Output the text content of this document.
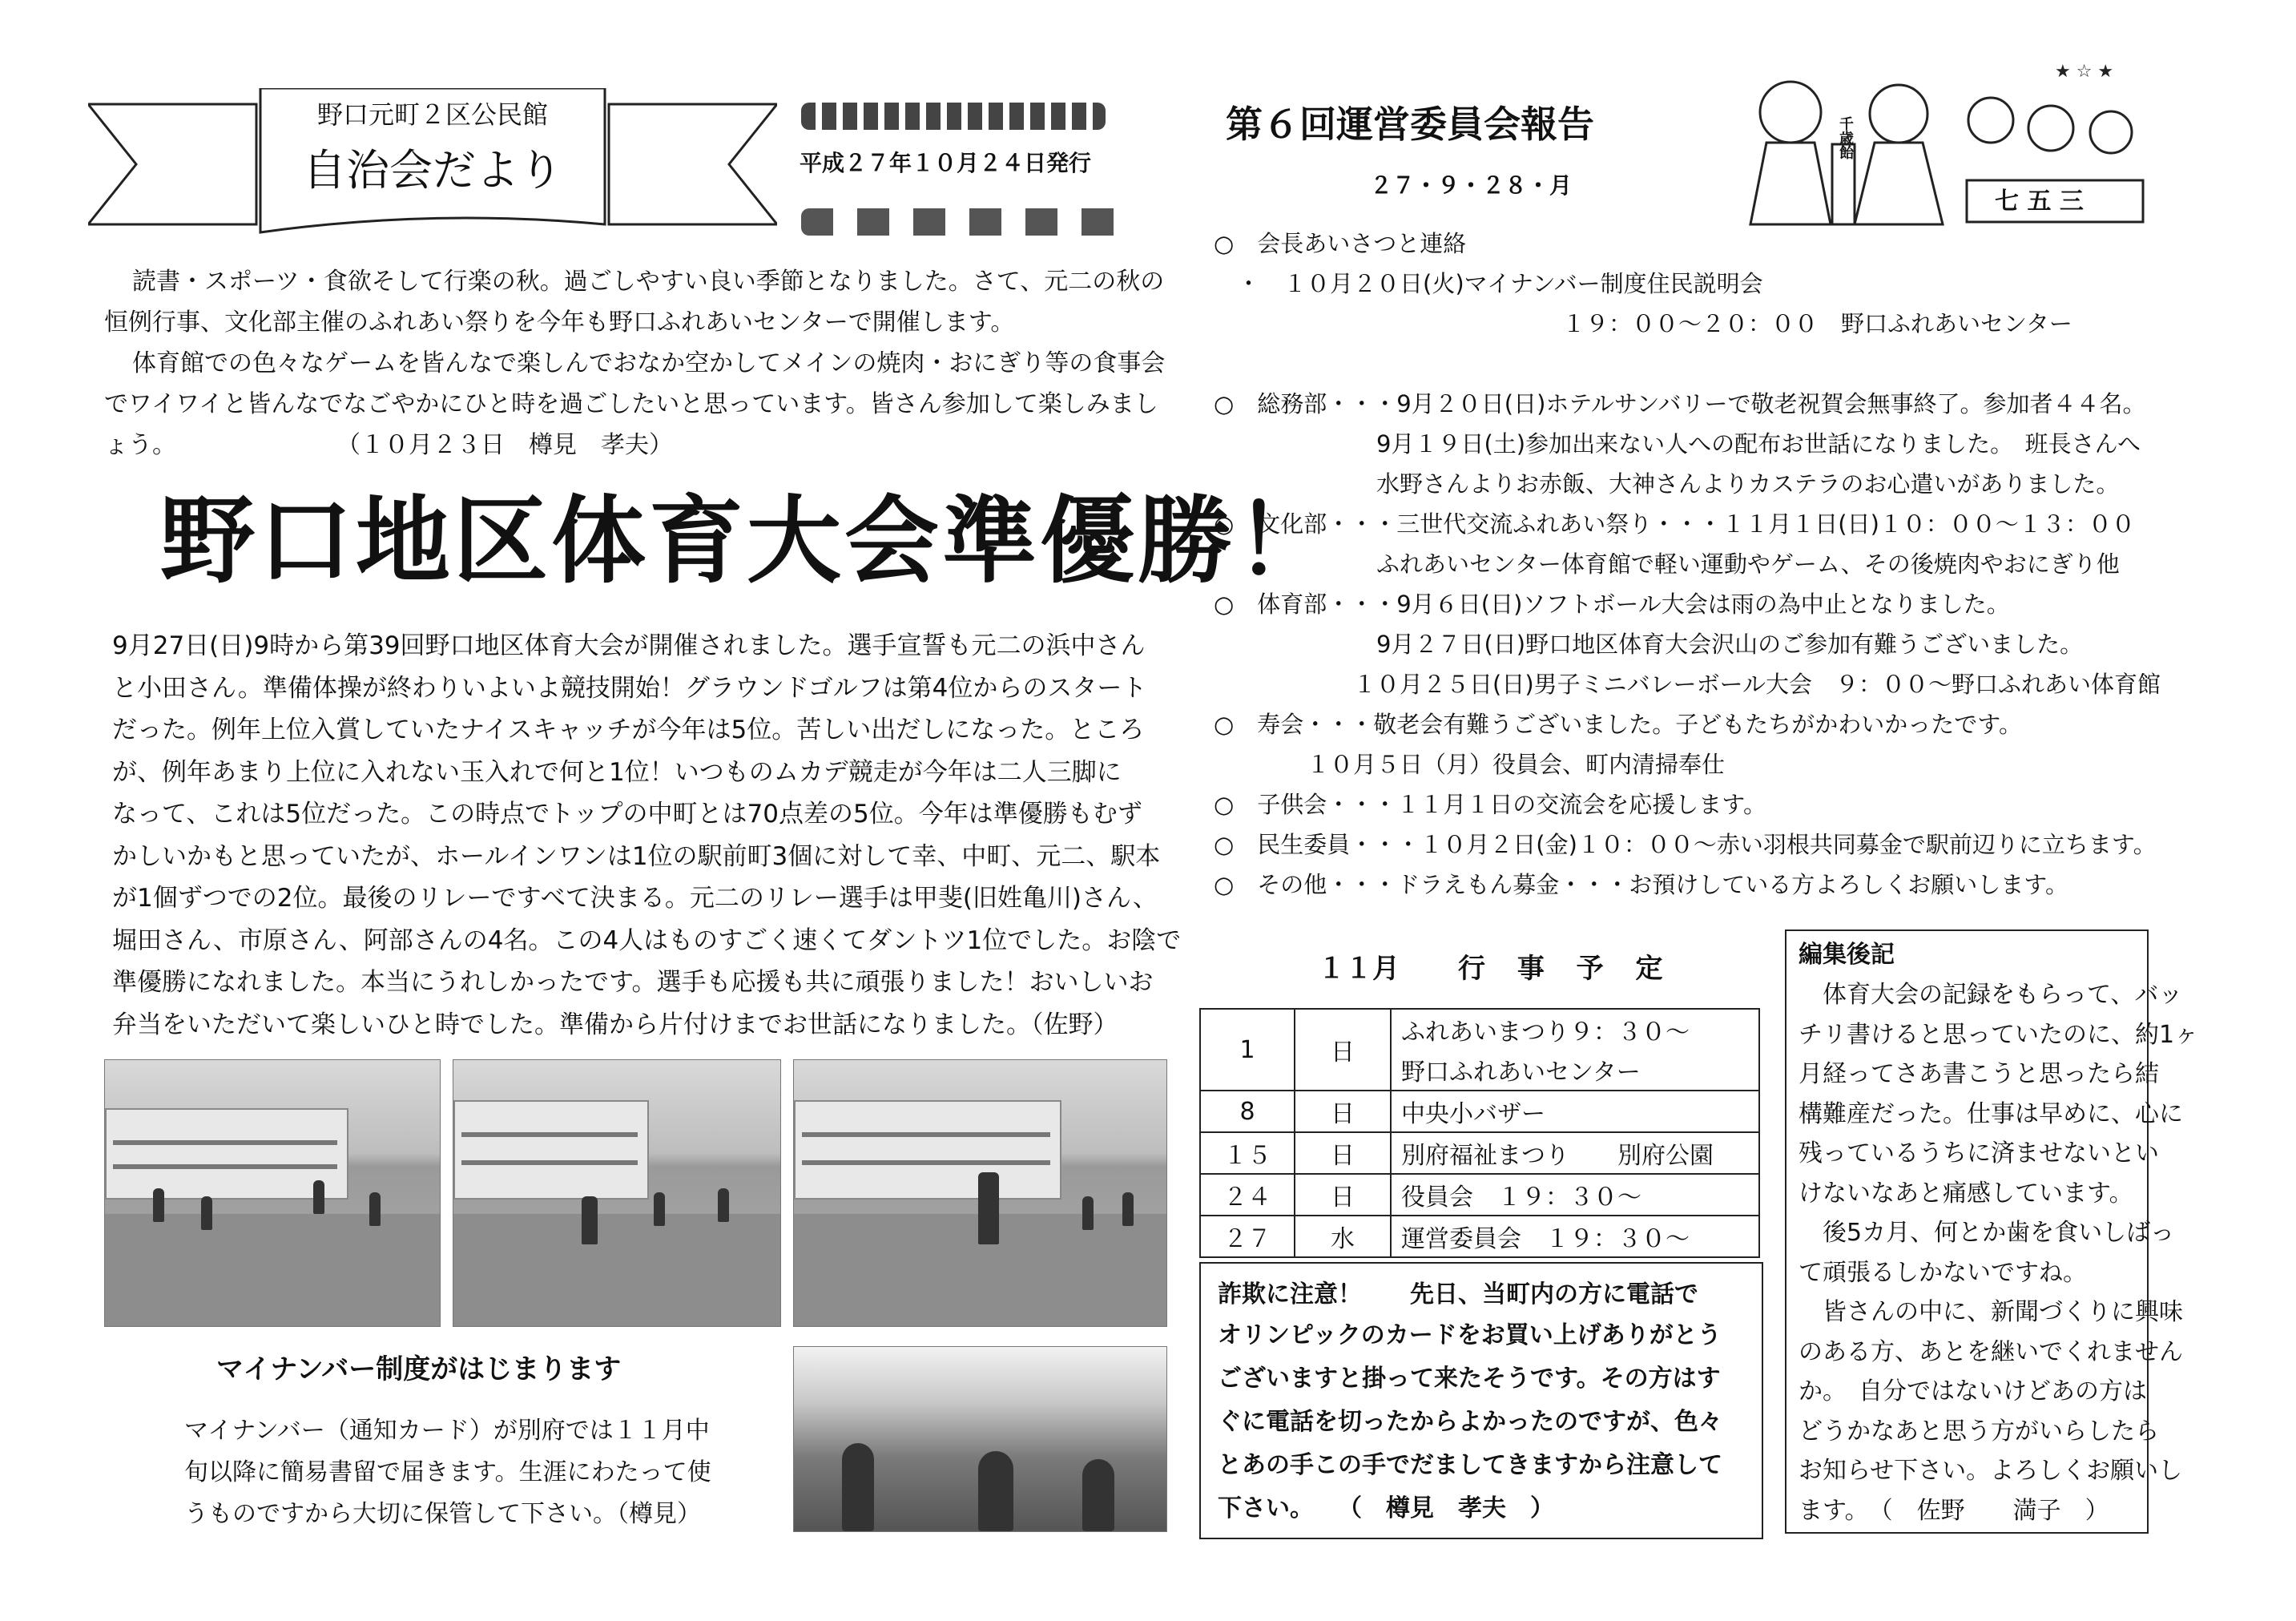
野口元町２区公民館
自治会だより	平成２７年１０月２４日発行
読書・スポーツ・食欲そして行楽の秋。過ごしやすい良い季節となりました。さて、元二の秋の
恒例行事、文化部主催のふれあい祭りを今年も野口ふれあいセンターで開催します。
体育館での色々なゲームを皆んなで楽しんでおなか空かしてメインの焼肉・おにぎり等の食事会
でワイワイと皆んなでなごやかにひと時を過ごしたいと思っています。皆さん参加して楽しみまし
ょう。	（１０月２３日　樽見　孝夫）
野口地区体育大会準優勝！
9月27日(日)9時から第39回野口地区体育大会が開催されました。選手宣誓も元二の浜中さん
と小田さん。準備体操が終わりいよいよ競技開始！グラウンドゴルフは第4位からのスタート
だった。例年上位入賞していたナイスキャッチが今年は5位。苦しい出だしになった。ところ
が、例年あまり上位に入れない玉入れで何と1位！いつものムカデ競走が今年は二人三脚に
なって、これは5位だった。この時点でトップの中町とは70点差の5位。今年は準優勝もむず
かしいかもと思っていたが、ホールインワンは1位の駅前町3個に対して幸、中町、元二、駅本
が1個ずつでの2位。最後のリレーですべて決まる。元二のリレー選手は甲斐(旧姓亀川)さん、
堀田さん、市原さん、阿部さんの4名。この4人はものすごく速くてダントツ1位でした。お陰で
準優勝になれました。本当にうれしかったです。選手も応援も共に頑張りました！おいしいお
弁当をいただいて楽しいひと時でした。準備から片付けまでお世話になりました。（佐野）
マイナンバー制度がはじまります
マイナンバー（通知カード）が別府では１１月中
旬以降に簡易書留で届きます。生涯にわたって使
うものですから大切に保管して下さい。（樽見）
第６回運営委員会報告
２７・９・２８・月
★ ☆ ★
千歳飴
七 五 三
○　会長あいさつと連絡
　・　１０月２０日(火)マイナンバー制度住民説明会
　　　　　　　　　　　　　　　１９：００～２０：００　野口ふれあいセンター
○　総務部・・・9月２０日(日)ホテルサンバリーで敬老祝賀会無事終了。参加者４４名。
　　　　　　　9月１９日(土)参加出来ない人への配布お世話になりました。　班長さんへ
　　　　　　　水野さんよりお赤飯、大神さんよりカステラのお心遣いがありました。
○　文化部・・・三世代交流ふれあい祭り・・・１１月１日(日)１０：００～１３：００
　　　　　　　ふれあいセンター体育館で軽い運動やゲーム、その後焼肉やおにぎり他
○　体育部・・・9月６日(日)ソフトボール大会は雨の為中止となりました。
　　　　　　　9月２７日(日)野口地区体育大会沢山のご参加有難うございました。
　　　　　　１０月２５日(日)男子ミニバレーボール大会　９：００～野口ふれあい体育館
○　寿会・・・敬老会有難うございました。子どもたちがかわいかったです。
　　　　１０月５日（月）役員会、町内清掃奉仕
○　子供会・・・１１月１日の交流会を応援します。
○　民生委員・・・１０月２日(金)１０：００～赤い羽根共同募金で駅前辺りに立ちます。
○　その他・・・ドラえもん募金・・・お預けしている方よろしくお願いします。
１１月 行 事 予 定
1	日	ふれあいまつり９：３０～
		野口ふれあいセンター
8	日	中央小バザー
１５	日	別府福祉まつり　　別府公園
２４	日	役員会　１９：３０～
２７	水	運営委員会　１９：３０～
詐欺に注意！ 先日、当町内の方に電話で
オリンピックのカードをお買い上げありがとう
ございますと掛って来たそうです。その方はす
ぐに電話を切ったからよかったのですが、色々
とあの手この手でだましてきますから注意して
下さい。　　（　樽見　孝夫　）
編集後記
　体育大会の記録をもらって、バッ
チリ書けると思っていたのに、約1ヶ
月経ってさあ書こうと思ったら結
構難産だった。仕事は早めに、心に
残っているうちに済ませないとい
けないなあと痛感しています。
　後5カ月、何とか歯を食いしばっ
て頑張るしかないですね。
　皆さんの中に、新聞づくりに興味
のある方、あとを継いでくれません
か。　自分ではないけどあの方は
どうかなあと思う方がいらしたら
お知らせ下さい。よろしくお願いし
ます。　（　佐野　　満子　）
